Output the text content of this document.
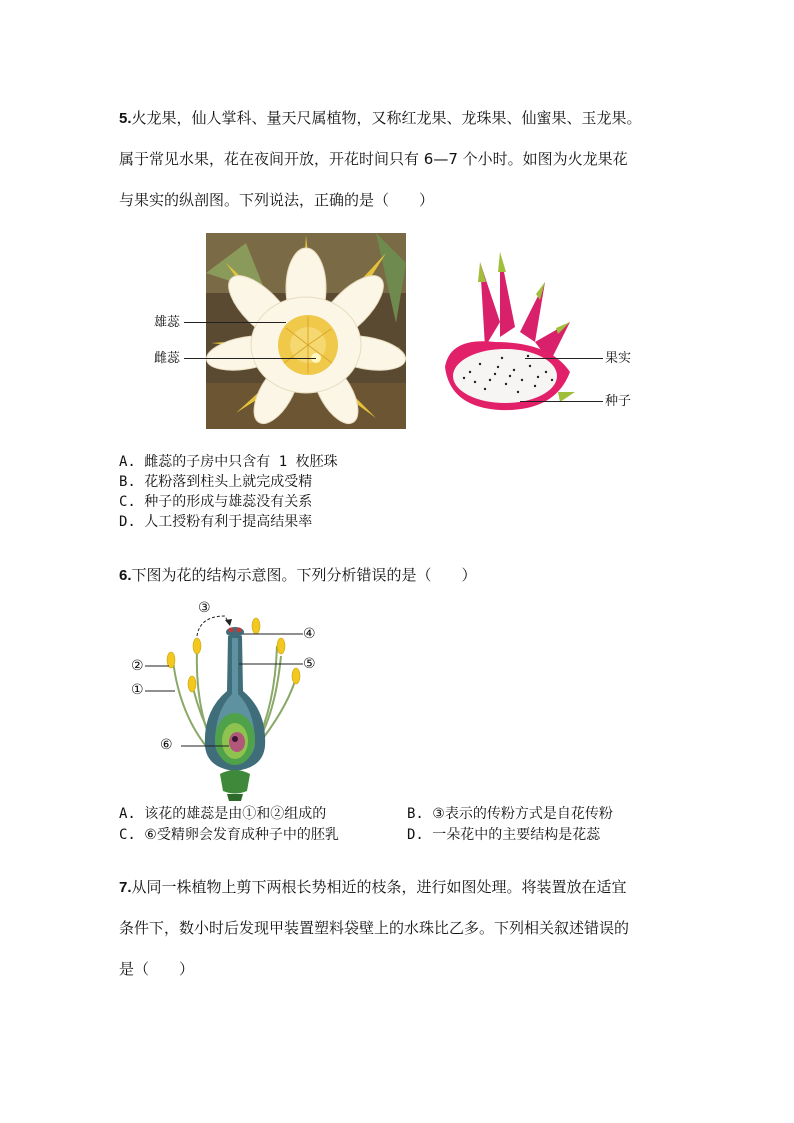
5.火龙果，仙人掌科、量天尺属植物，又称红龙果、龙珠果、仙蜜果、玉龙果。
属于常见水果，花在夜间开放，开花时间只有 6—7 个小时。如图为火龙果花
与果实的纵剖图。下列说法，正确的是（　　）
雄蕊
雌蕊	果实
种子
A. 雌蕊的子房中只含有 1 枚胚珠
B. 花粉落到柱头上就完成受精
C. 种子的形成与雄蕊没有关系
D. 人工授粉有利于提高结果率
6.下图为花的结构示意图。下列分析错误的是（　　）
③
④
②	⑤
①
⑥
A. 该花的雄蕊是由①和②组成的	B. ③表示的传粉方式是自花传粉
C. ⑥受精卵会发育成种子中的胚乳	D. 一朵花中的主要结构是花蕊
7.从同一株植物上剪下两根长势相近的枝条，进行如图处理。将装置放在适宜
条件下，数小时后发现甲装置塑料袋壁上的水珠比乙多。下列相关叙述错误的
是（　　）
